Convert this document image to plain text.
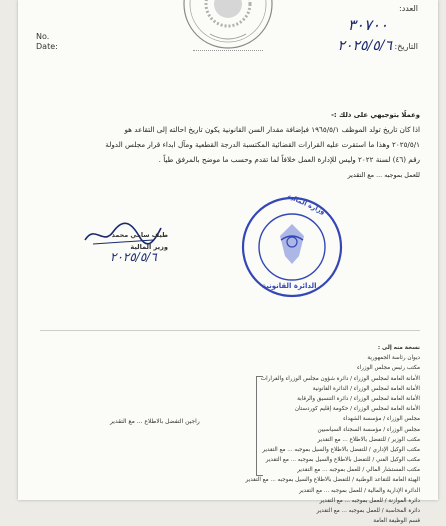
No.
Date:
العدد:
التاريخ:
٣٠٧٠٠
٢٠٢٥/٥/٦
وعملًا بتوجيهي على ذلك :-
اذا كان تاريخ تولد الموظف ١٩٦٥/٥/١ فبإضافة مقدار السن القانونية يكون تاريخ احالته إلى التقاعد هو
٢٠٢٥/٥/١ وهذا ما استقرت عليه القرارات القضائية المكتسبة الدرجة القطعية ومآل ابداء قرار مجلس الدولة
رقم (٤٦) لسنة ٢٠٢٢ وليس للإدارة العمل خلافاً لما تقدم وحسب ما موضح بالمرفق طياً .
للعمل بموجبه ... مع التقدير
طيف سامي محمد
وزير المالية
٢٠٢٥/٥/٦
وزارة المالية
الدائرة القانونية
نسخة منه إلى :
ديوان رئاسة الجمهورية
مكتب رئيس مجلس الوزراء
الأمانة العامة لمجلس الوزراء / دائرة شؤون مجلس الوزراء والقرارات
الأمانة العامة لمجلس الوزراء / الدائرة القانونية
الأمانة العامة لمجلس الوزراء / دائرة التنسيق والرقابة
الأمانة العامة لمجلس الوزراء / حكومة إقليم كوردستان
مجلس الوزراء / مؤسسة الشهداء
مجلس الوزراء / مؤسسة السجناء السياسيين
مكتب الوزير / للتفضل بالاطلاع ... مع التقدير
مكتب الوكيل الإداري / للتفضل بالاطلاع والسيل بموجبه ... مع التقدير
مكتب الوكيل الفني / للتفضل بالاطلاع والسيل بموجبه ... مع التقدير
مكتب المستشار المالي / للعمل بموجبه ... مع التقدير
الهيئة العامة للتقاعد الوطنية / للتفضل بالاطلاع والسيل بموجبه ... مع التقدير
الدائرة الإدارية والمالية / للعمل بموجبه ... مع التقدير
دائرة الموازنة / للعمل بموجبه ... مع التقدير
دائرة المحاسبة / للعمل بموجبه ... مع التقدير
قسم الوظيفة العامة
راجين التفضل بالاطلاع ... مع التقدير
